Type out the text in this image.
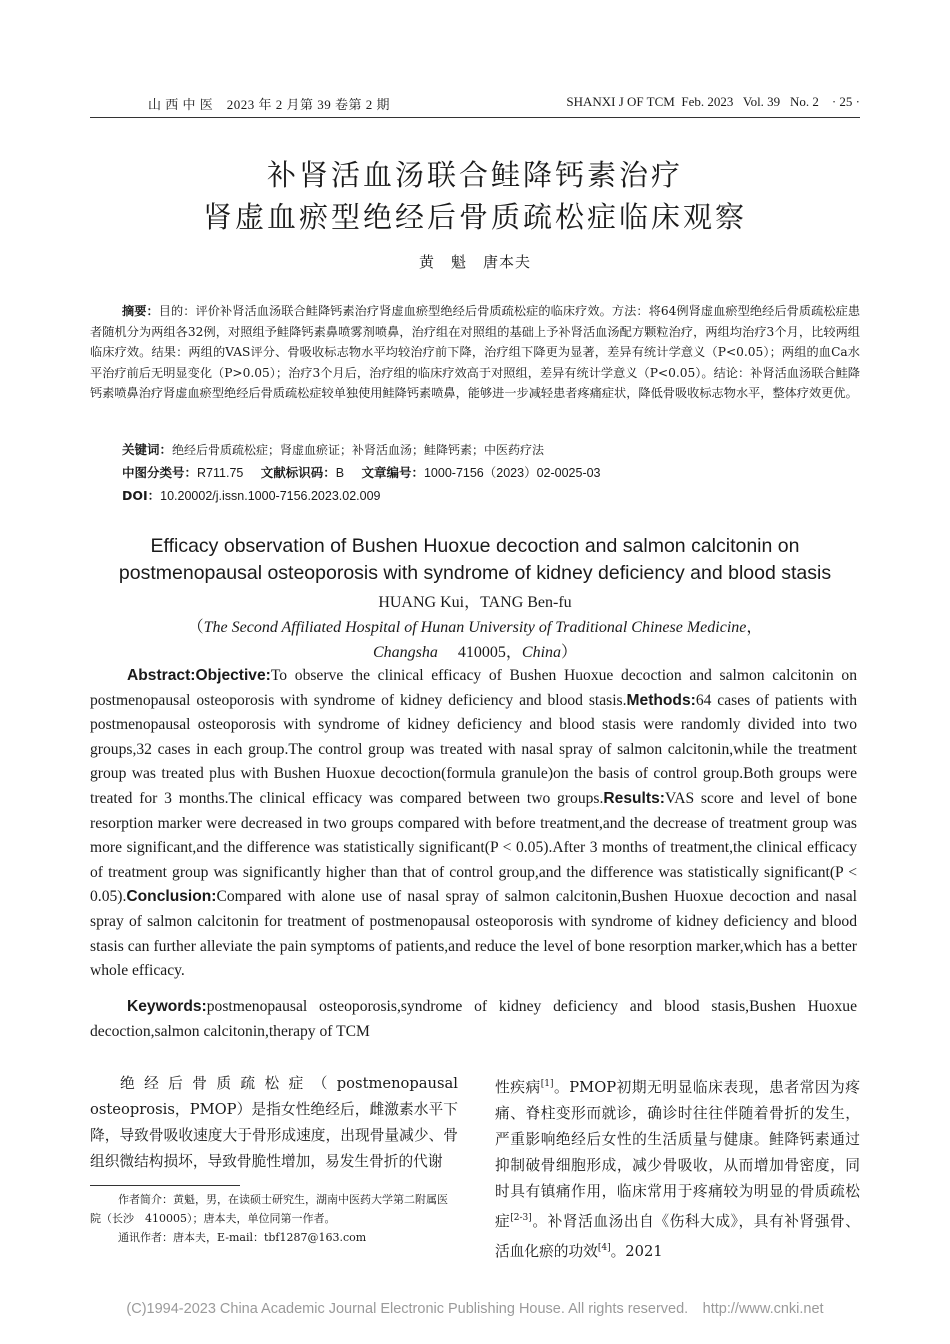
山 西 中 医　 2023 年 2 月第 39 卷第 2 期	SHANXI J OF TCM Feb. 2023 Vol. 39 No. 2 · 25 ·
补肾活血汤联合鲑降钙素治疗
肾虚血瘀型绝经后骨质疏松症临床观察
黄　魁　唐本夫

摘要：目的：评价补肾活血汤联合鲑降钙素治疗肾虚血瘀型绝经后骨质疏松症的临床疗效。方法：将64例肾虚血瘀型绝经后骨质疏松症患者随机分为两组各32例，对照组予鲑降钙素鼻喷雾剂喷鼻，治疗组在对照组的基础上予补肾活血汤配方颗粒治疗，两组均治疗3个月，比较两组临床疗效。结果：两组的VAS评分、骨吸收标志物水平均较治疗前下降，治疗组下降更为显著，差异有统计学意义（P<0.05）；两组的血Ca水平治疗前后无明显变化（P>0.05）；治疗3个月后，治疗组的临床疗效高于对照组，差异有统计学意义（P<0.05）。结论：补肾活血汤联合鲑降钙素喷鼻治疗肾虚血瘀型绝经后骨质疏松症较单独使用鲑降钙素喷鼻，能够进一步减轻患者疼痛症状，降低骨吸收标志物水平，整体疗效更优。

关键词：绝经后骨质疏松症；肾虚血瘀证；补肾活血汤；鲑降钙素；中医药疗法
中图分类号：R711.75 文献标识码：B 文章编号：1000-7156（2023）02-0025-03
DOI：10.20002/j.issn.1000-7156.2023.02.009
Efficacy observation of Bushen Huoxue decoction and salmon calcitonin on
postmenopausal osteoporosis with syndrome of kidney deficiency and blood stasis
HUANG Kui，TANG Ben-fu
（The Second Affiliated Hospital of Hunan University of Traditional Chinese Medicine，
Changsha 410005，China）

Abstract:Objective:To observe the clinical efficacy of Bushen Huoxue decoction and salmon calcitonin on postmenopausal osteoporosis with syndrome of kidney deficiency and blood stasis.Methods:64 cases of patients with postmenopausal osteoporosis with syndrome of kidney deficiency and blood stasis were randomly divided into two groups,32 cases in each group.The control group was treated with nasal spray of salmon calcitonin,while the treatment group was treated plus with Bushen Huoxue decoction(formula granule)on the basis of control group.Both groups were treated for 3 months.The clinical efficacy was compared between two groups.Results:VAS score and level of bone resorption marker were decreased in two groups compared with before treatment,and the decrease of treatment group was more significant,and the difference was statistically significant(P < 0.05).After 3 months of treatment,the clinical efficacy of treatment group was significantly higher than that of control group,and the difference was statistically significant(P < 0.05).Conclusion:Compared with alone use of nasal spray of salmon calcitonin,Bushen Huoxue decoction and nasal spray of salmon calcitonin for treatment of postmenopausal osteoporosis with syndrome of kidney deficiency and blood stasis can further alleviate the pain symptoms of patients,and reduce the level of bone resorption marker,which has a better whole efficacy.

Keywords:postmenopausal osteoporosis,syndrome of kidney deficiency and blood stasis,Bushen Huoxue decoction,salmon calcitonin,therapy of TCM

绝经后骨质疏松症（postmenopausal osteoprosis，PMOP）是指女性绝经后，雌激素水平下降，导致骨吸收速度大于骨形成速度，出现骨量减少、骨组织微结构损坏，导致骨脆性增加，易发生骨折的代谢

性疾病[1]。PMOP初期无明显临床表现，患者常因为疼痛、脊柱变形而就诊，确诊时往往伴随着骨折的发生，严重影响绝经后女性的生活质量与健康。鲑降钙素通过抑制破骨细胞形成，减少骨吸收，从而增加骨密度，同时具有镇痛作用，临床常用于疼痛较为明显的骨质疏松症[2-3]。补肾活血汤出自《伤科大成》，具有补肾强骨、活血化瘀的功效[4]。2021

作者简介：黄魁，男，在读硕士研究生，湖南中医药大学第二附属医院（长沙　410005）；唐本夫，单位同第一作者。

通讯作者：唐本夫，E-mail：tbf1287@163.com

(C)1994-2023 China Academic Journal Electronic Publishing House. All rights reserved.　http://www.cnki.net
